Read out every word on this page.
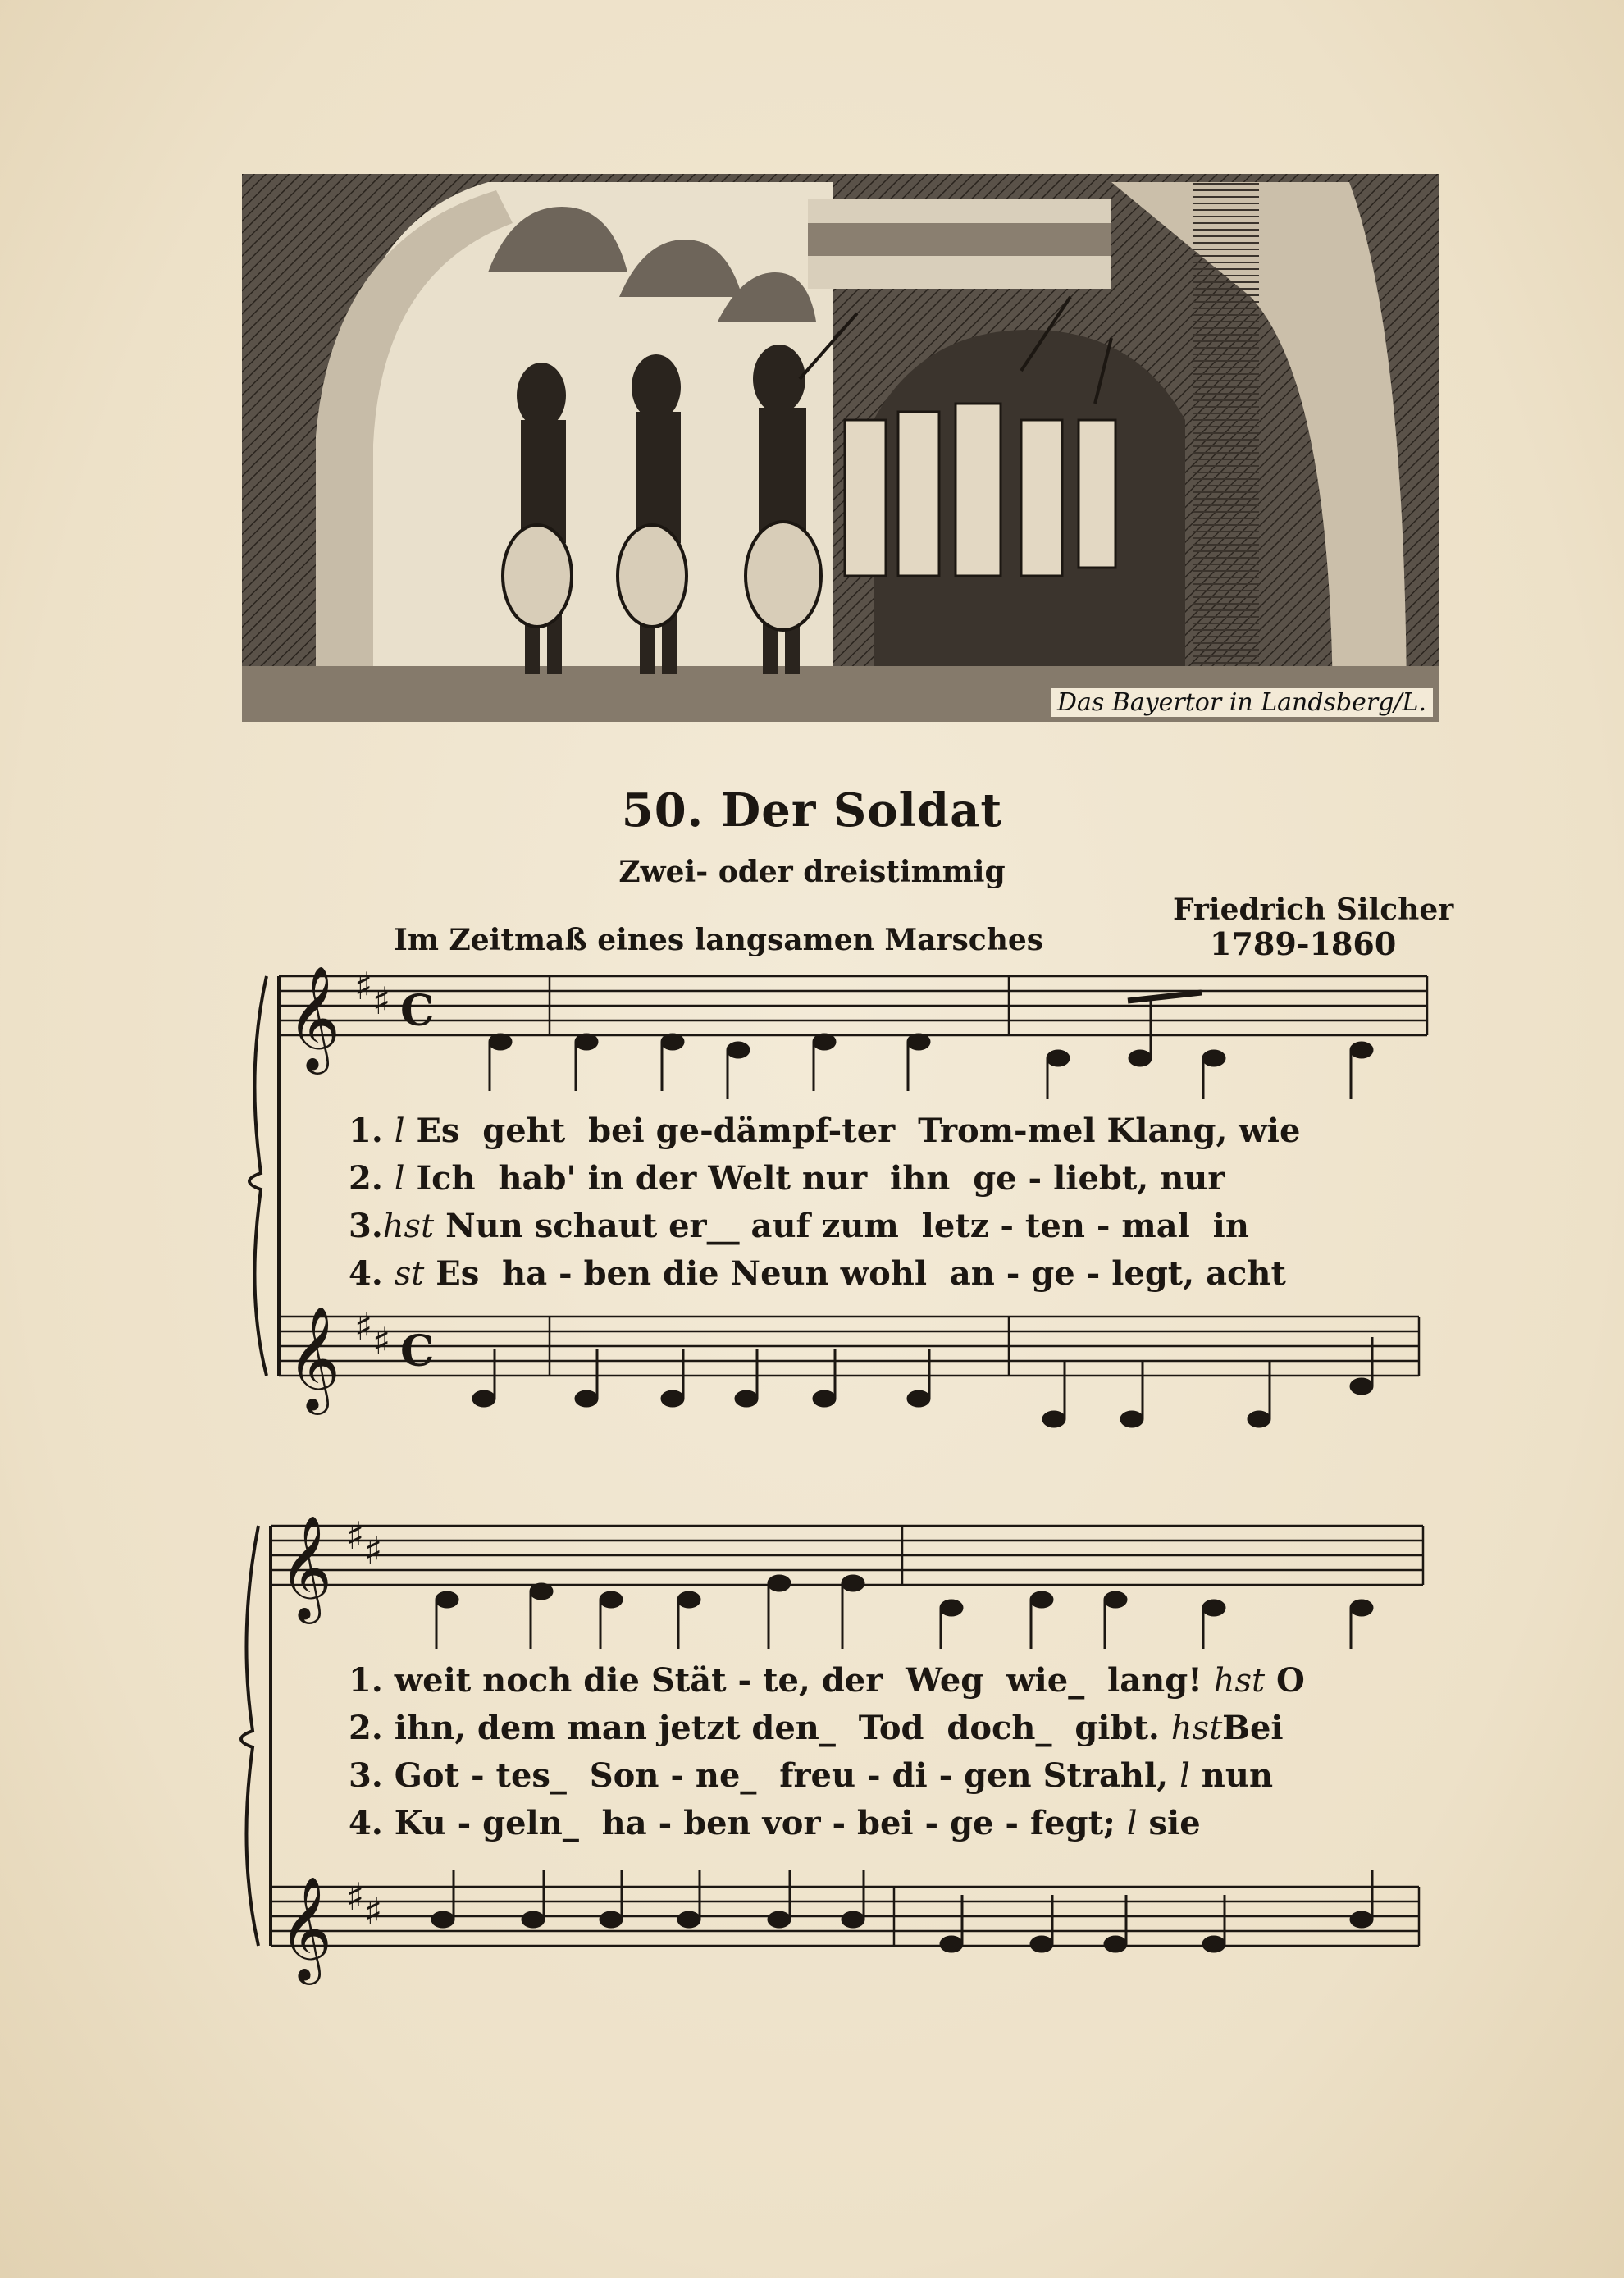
Das Bayertor in Landsberg/L.
50. Der Soldat
Zwei- oder dreistimmig
Im Zeitmaß eines langsamen Marsches
Friedrich Silcher
1789-1860
𝄞
𝄞
𝄞
𝄞
♯ ♯
♯ ♯
♯ ♯
♯ ♯
C
C
1. l Es  geht  bei ge-dämpf-ter  Trom-mel Klang, wie
2. l Ich  hab' in der Welt nur  ihn  ge - liebt, nur
3.hst Nun schaut er__ auf zum  letz - ten - mal  in
4. st Es  ha - ben die Neun wohl  an - ge - legt, acht
1. weit noch die Stät - te, der  Weg  wie_  lang! hst O
2. ihn, dem man jetzt den_  Tod  doch_  gibt. hstBei
3. Got - tes_  Son - ne_  freu - di - gen Strahl, l nun
4. Ku - geln_  ha - ben vor - bei - ge - fegt; l sie
